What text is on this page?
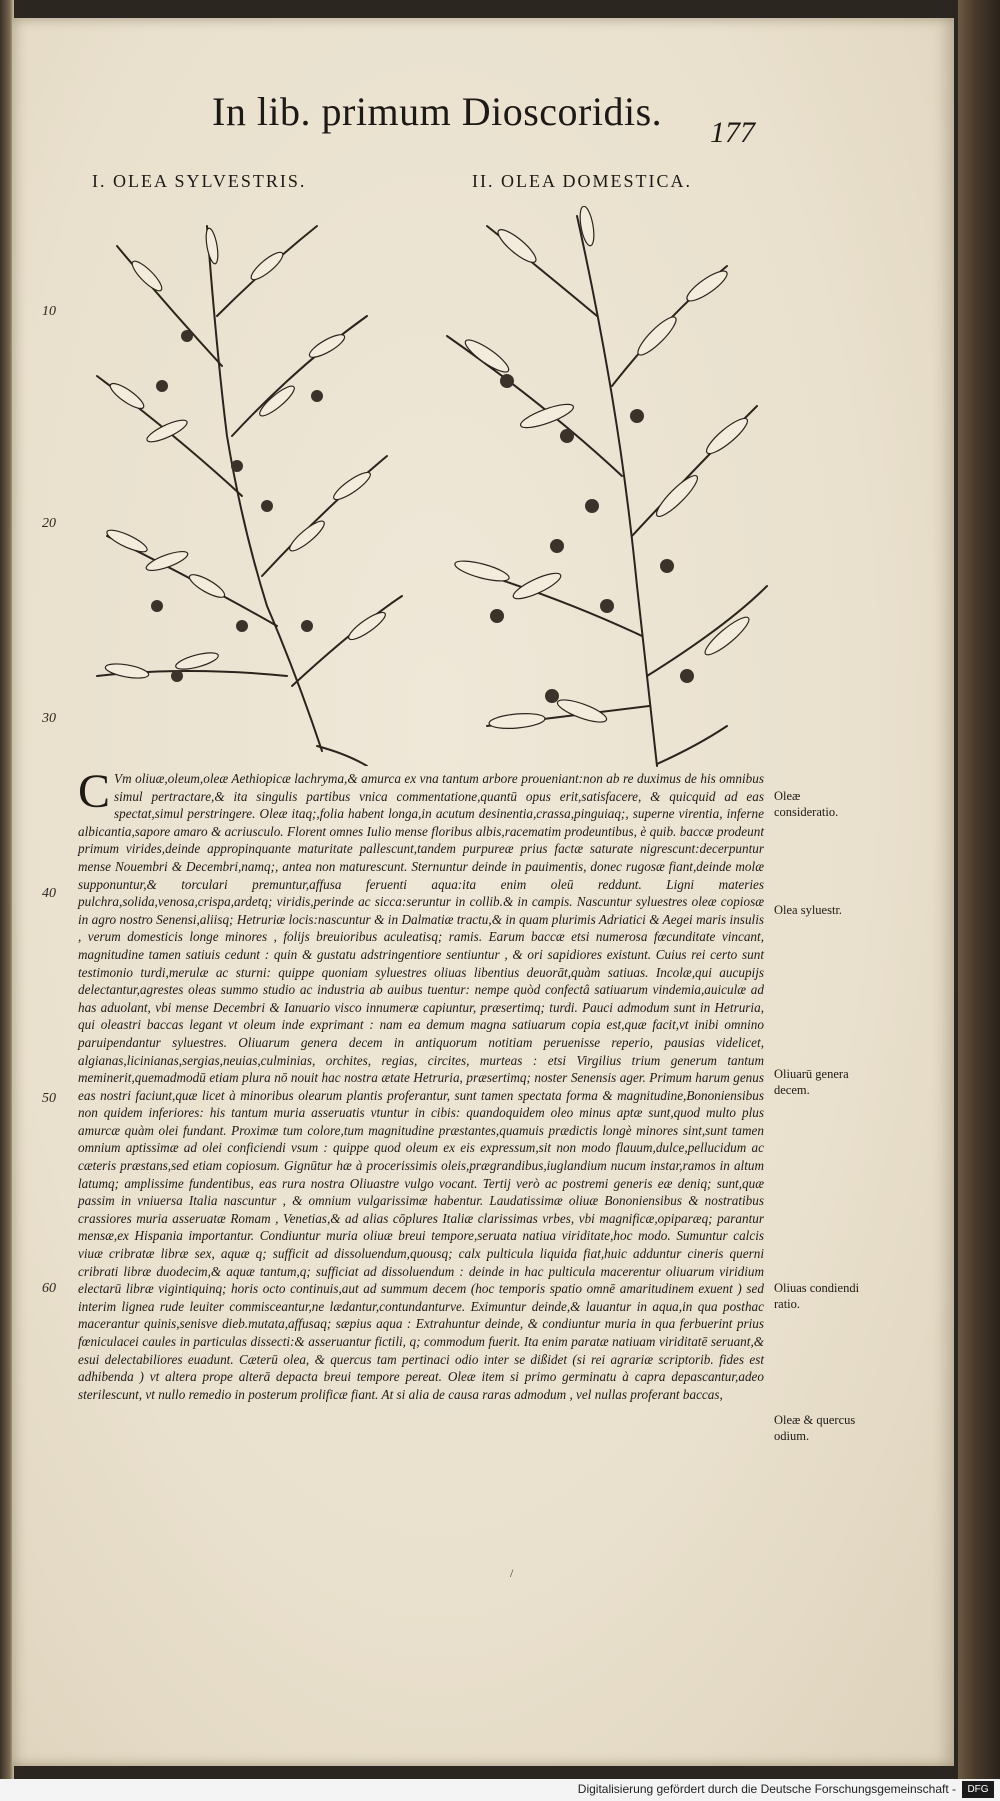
In lib. primum Dioscoridis.	177
I. OLEA SYLVESTRIS.	II. OLEA DOMESTICA.
10
20
30
40
50
60
C Vm oliuæ,oleum,oleæ Aethiopicæ lachryma,& amurca ex vna tantum arbore proueniant:non ab re duximus de his omnibus simul pertractare,& ita singulis partibus vnica commentatione,quantū opus erit,satisfacere, & quicquid ad eas spectat,simul perstringere. Oleæ itaq;,folia habent longa,in acutum desinentia,crassa,pinguiaq;, superne virentia, inferne albicantia,sapore amaro & acriusculo. Florent omnes Iulio mense floribus albis,racematim prodeuntibus, è quib. baccæ prodeunt primum virides,deinde appropinquante maturitate pallescunt,tandem purpureæ prius factæ saturate nigrescunt:decerpuntur mense Nouembri & Decembri,namq;, antea non maturescunt. Sternuntur deinde in pauimentis, donec rugosæ fiant,deinde molæ supponuntur,& torculari premuntur,affusa feruenti aqua:ita enim oleū reddunt. Ligni materies pulchra,solida,venosa,crispa,ardetq; viridis,perinde ac sicca:seruntur in collib.& in campis. Nascuntur syluestres oleæ copiosæ in agro nostro Senensi,aliisq; Hetruriæ locis:nascuntur & in Dalmatiæ tractu,& in quam plurimis Adriatici & Aegei maris insulis , verum domesticis longe minores , folijs breuioribus aculeatisq; ramis. Earum baccæ etsi numerosa fœcunditate vincant, magnitudine tamen satiuis cedunt : quin & gustatu adstringentiore sentiuntur , & ori sapidiores existunt. Cuius rei certo sunt testimonio turdi,merulæ ac sturni: quippe quoniam syluestres oliuas libentius deuorāt,quàm satiuas. Incolæ,qui aucupijs delectantur,agrestes oleas summo studio ac industria ab auibus tuentur: nempe quòd confectâ satiuarum vindemia,auiculæ ad has aduolant, vbi mense Decembri & Ianuario visco innumeræ capiuntur, præsertimq; turdi. Pauci admodum sunt in Hetruria, qui oleastri baccas legant vt oleum inde exprimant : nam ea demum magna satiuarum copia est,quæ facit,vt inibi omnino paruipendantur syluestres. Oliuarum genera decem in antiquorum notitiam peruenisse reperio, pausias videlicet, algianas,licinianas,sergias,neuias,culminias, orchites, regias, circites, murteas : etsi Virgilius trium generum tantum meminerit,quemadmodū etiam plura nō nouit hac nostra ætate Hetruria, præsertimq; noster Senensis ager. Primum harum genus eas nostri faciunt,quæ licet à minoribus olearum plantis proferantur, sunt tamen spectata forma & magnitudine,Bononiensibus non quidem inferiores: his tantum muria asseruatis vtuntur in cibis: quandoquidem oleo minus aptæ sunt,quod multo plus amurcæ quàm olei fundant. Proximæ tum colore,tum magnitudine præstantes,quamuis prædictis longè minores sint,sunt tamen omnium aptissimæ ad olei conficiendi vsum : quippe quod oleum ex eis expressum,sit non modo flauum,dulce,pellucidum ac cæteris præstans,sed etiam copiosum. Gignūtur hæ à procerissimis oleis,prægrandibus,iuglandium nucum instar,ramos in altum latumq; amplissime fundentibus, eas rura nostra Oliuastre vulgo vocant. Tertij verò ac postremi generis eæ deniq; sunt,quæ passim in vniuersa Italia nascuntur , & omnium vulgarissimæ habentur. Laudatissimæ oliuæ Bononiensibus & nostratibus crassiores muria asseruatæ Romam , Venetias,& ad alias cōplures Italiæ clarissimas vrbes, vbi magnificæ,opiparæq; parantur mensæ,ex Hispania importantur. Condiuntur muria oliuæ breui tempore,seruata natiua viriditate,hoc modo. Sumuntur calcis viuæ cribratæ libræ sex, aquæ q; sufficit ad dissoluendum,quousq; calx pulticula liquida fiat,huic adduntur cineris querni cribrati libræ duodecim,& aquæ tantum,q; sufficiat ad dissoluendum : deinde in hac pulticula macerentur oliuarum viridium electarū libræ vigintiquinq; horis octo continuis,aut ad summum decem (hoc temporis spatio omnē amaritudinem exuent ) sed interim lignea rude leuiter commisceantur,ne lædantur,contundanturve. Eximuntur deinde,& lauantur in aqua,in qua posthac macerantur quinis,senisve dieb.mutata,affusaq; sæpius aqua : Extrahuntur deinde, & condiuntur muria in qua ferbuerint prius fœniculacei caules in particulas dissecti:& asseruantur fictili, q; commodum fuerit. Ita enim paratæ natiuam viriditatē seruant,& esui delectabiliores euadunt. Cæterū olea, & quercus tam pertinaci odio inter se dißidet (si rei agrariæ scriptorib. fides est adhibenda ) vt altera prope alterā depacta breui tempore pereat. Oleæ item si primo germinatu à capra depascantur,adeo sterilescunt, vt nullo remedio in posterum prolificæ fiant. At si alia de causa raras admodum , vel nullas proferant baccas,
Oleæ consideratio.
Olea syluestr.
Oliuarū genera decem.
Oliuas condiendi ratio.
Oleæ & quercus odium.
/
Digitalisierung gefördert durch die Deutsche Forschungsgemeinschaft -	DFG
